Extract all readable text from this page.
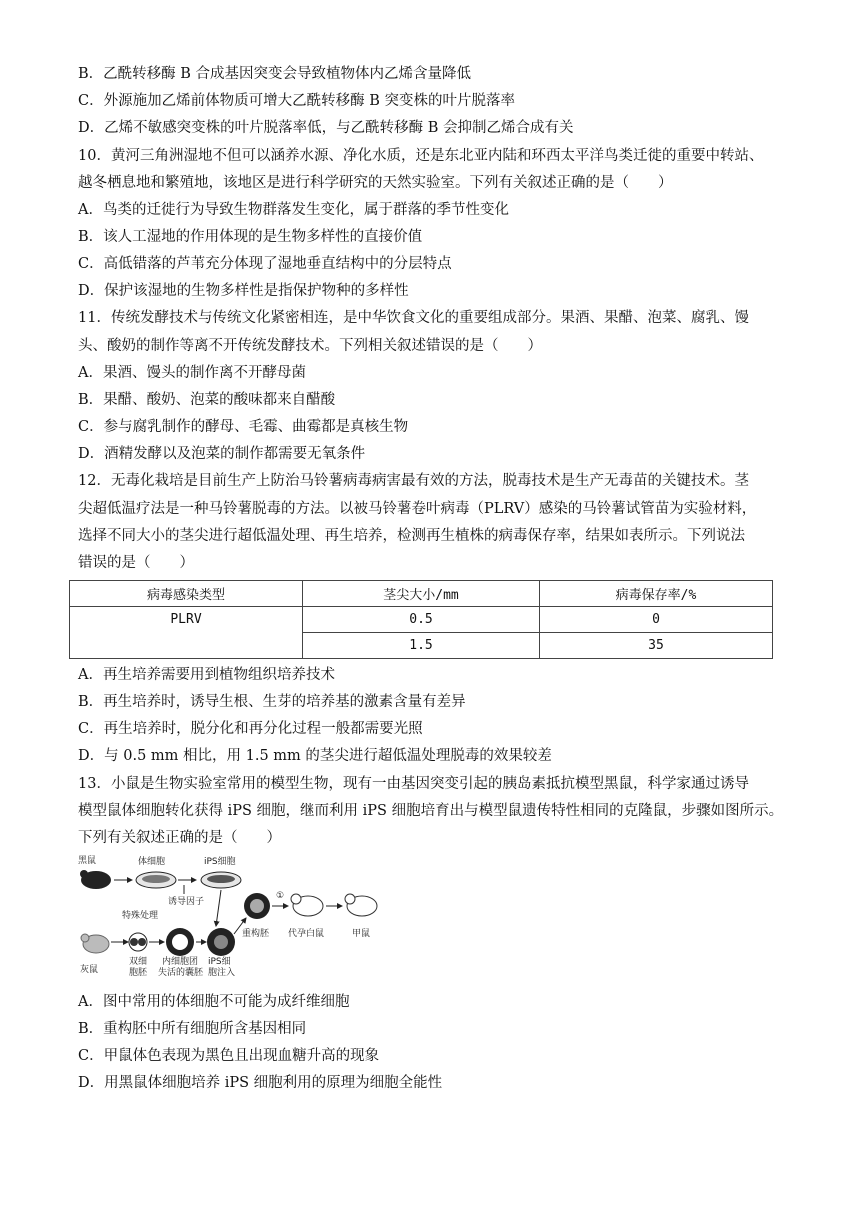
B．乙酰转移酶 B 合成基因突变会导致植物体内乙烯含量降低
C．外源施加乙烯前体物质可增大乙酰转移酶 B 突变株的叶片脱落率
D．乙烯不敏感突变株的叶片脱落率低，与乙酰转移酶 B 会抑制乙烯合成有关
10．黄河三角洲湿地不但可以涵养水源、净化水质，还是东北亚内陆和环西太平洋鸟类迁徙的重要中转站、
越冬栖息地和繁殖地，该地区是进行科学研究的天然实验室。下列有关叙述正确的是（　　）
A．鸟类的迁徙行为导致生物群落发生变化，属于群落的季节性变化
B．该人工湿地的作用体现的是生物多样性的直接价值
C．高低错落的芦苇充分体现了湿地垂直结构中的分层特点
D．保护该湿地的生物多样性是指保护物种的多样性
11．传统发酵技术与传统文化紧密相连，是中华饮食文化的重要组成部分。果酒、果醋、泡菜、腐乳、馒
头、酸奶的制作等离不开传统发酵技术。下列相关叙述错误的是（　　）
A．果酒、馒头的制作离不开酵母菌
B．果醋、酸奶、泡菜的酸味都来自醋酸
C．参与腐乳制作的酵母、毛霉、曲霉都是真核生物
D．酒精发酵以及泡菜的制作都需要无氧条件
12．无毒化栽培是目前生产上防治马铃薯病毒病害最有效的方法，脱毒技术是生产无毒苗的关键技术。茎
尖超低温疗法是一种马铃薯脱毒的方法。以被马铃薯卷叶病毒（PLRV）感染的马铃薯试管苗为实验材料，
选择不同大小的茎尖进行超低温处理、再生培养，检测再生植株的病毒保存率，结果如表所示。下列说法
错误的是（　　）
病毒感染类型	茎尖大小/mm	病毒保存率/%
PLRV	0.5	0
	1.5	35
A．再生培养需要用到植物组织培养技术
B．再生培养时，诱导生根、生芽的培养基的激素含量有差异
C．再生培养时，脱分化和再分化过程一般都需要光照
D．与 0.5 mm 相比，用 1.5 mm 的茎尖进行超低温处理脱毒的效果较差
13．小鼠是生物实验室常用的模型生物，现有一由基因突变引起的胰岛素抵抗模型黑鼠，科学家通过诱导
模型鼠体细胞转化获得 iPS 细胞，继而利用 iPS 细胞培育出与模型鼠遗传特性相同的克隆鼠，步骤如图所示。
下列有关叙述正确的是（　　）
黑鼠	体细胞	iPS细胞
诱导因子
特殊处理
灰鼠
双细
胞胚
内细胞团
失活的囊胚
iPS细
胞注入
重构胚
①
代孕白鼠	甲鼠
A．图中常用的体细胞不可能为成纤维细胞
B．重构胚中所有细胞所含基因相同
C．甲鼠体色表现为黑色且出现血糖升高的现象
D．用黑鼠体细胞培养 iPS 细胞利用的原理为细胞全能性
